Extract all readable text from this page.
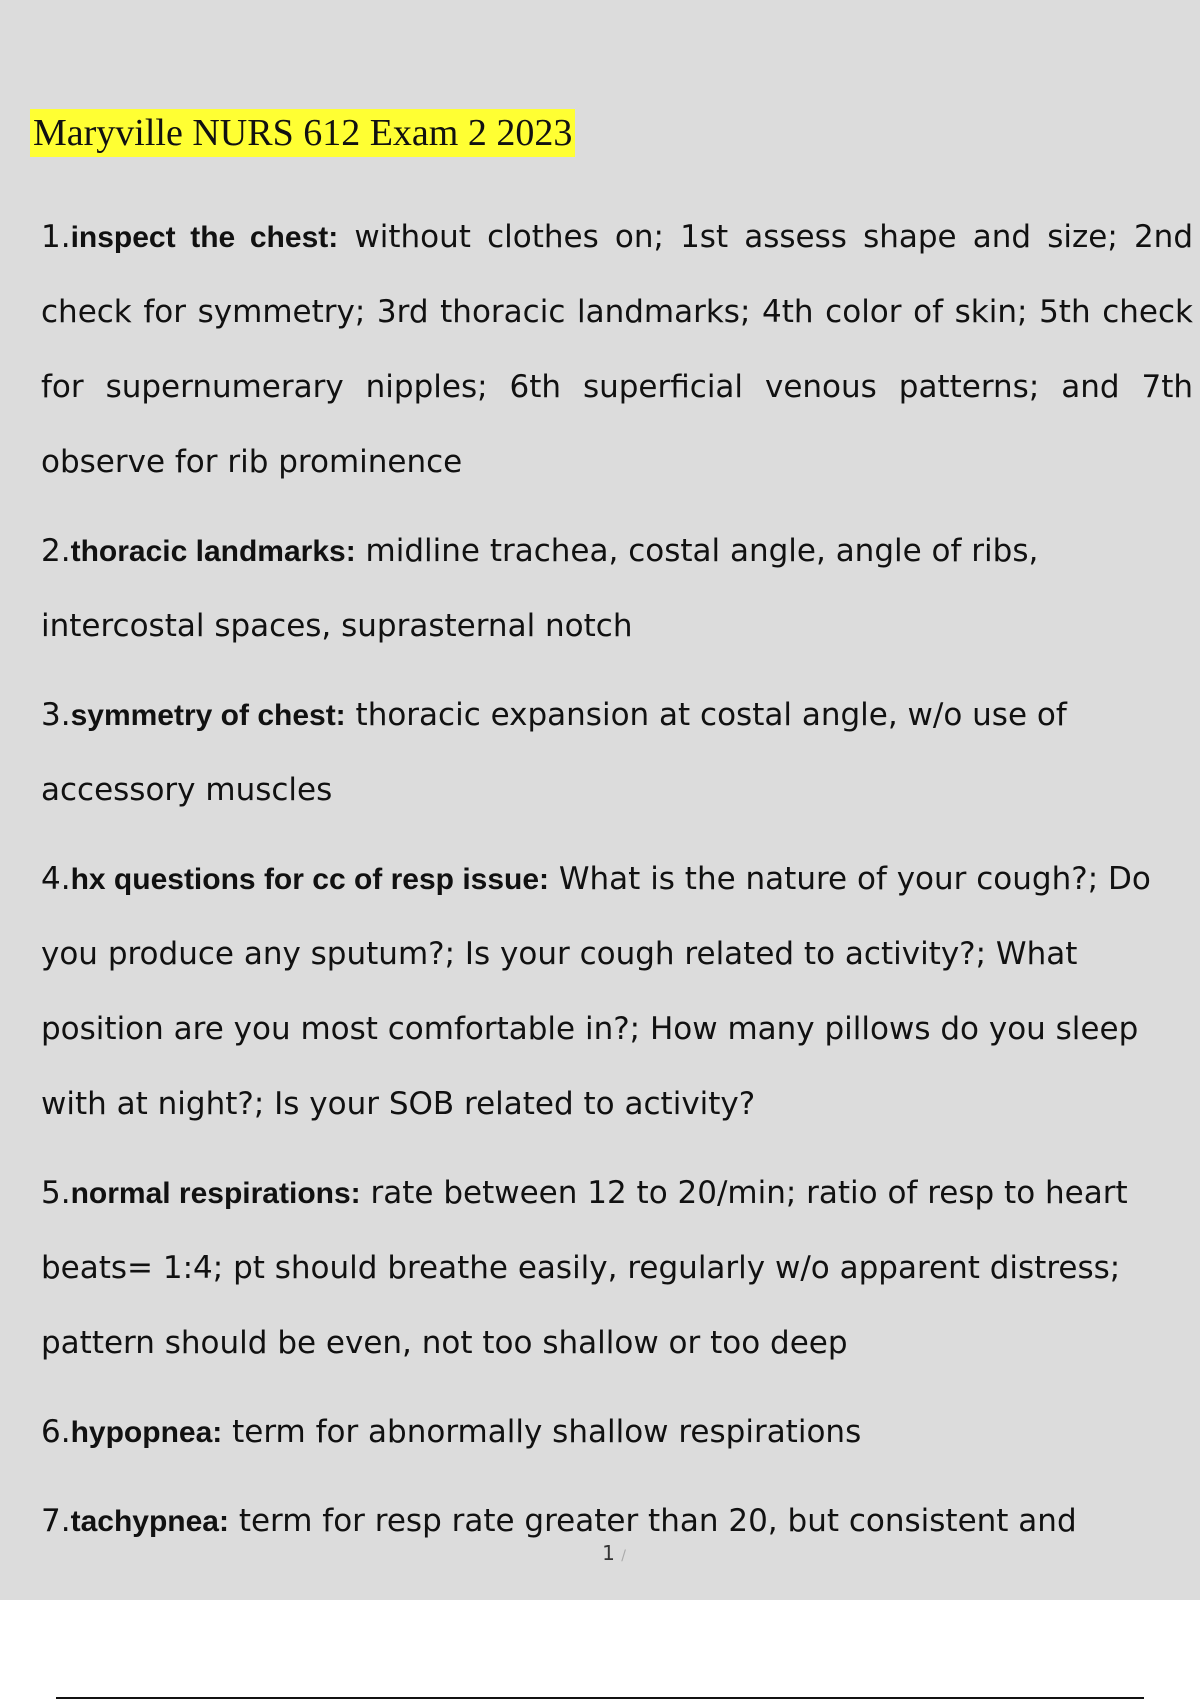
Maryville NURS 612 Exam 2 2023
1.inspect the chest: without clothes on; 1st assess shape and size; 2nd check for symmetry; 3rd thoracic landmarks; 4th color of skin; 5th check for supernumerary nipples; 6th superficial venous patterns; and 7th observe for rib prominence
2.thoracic landmarks: midline trachea, costal angle, angle of ribs, intercostal spaces, suprasternal notch
3.symmetry of chest: thoracic expansion at costal angle, w/o use of accessory muscles
4.hx questions for cc of resp issue: What is the nature of your cough?; Do you produce any sputum?; Is your cough related to activity?; What position are you most comfortable in?; How many pillows do you sleep with at night?; Is your SOB related to activity?
5.normal respirations: rate between 12 to 20/min; ratio of resp to heart beats= 1:4; pt should breathe easily, regularly w/o apparent distress; pattern should be even, not too shallow or too deep
6.hypopnea: term for abnormally shallow respirations
7.tachypnea: term for resp rate greater than 20, but consistent and
1 /
